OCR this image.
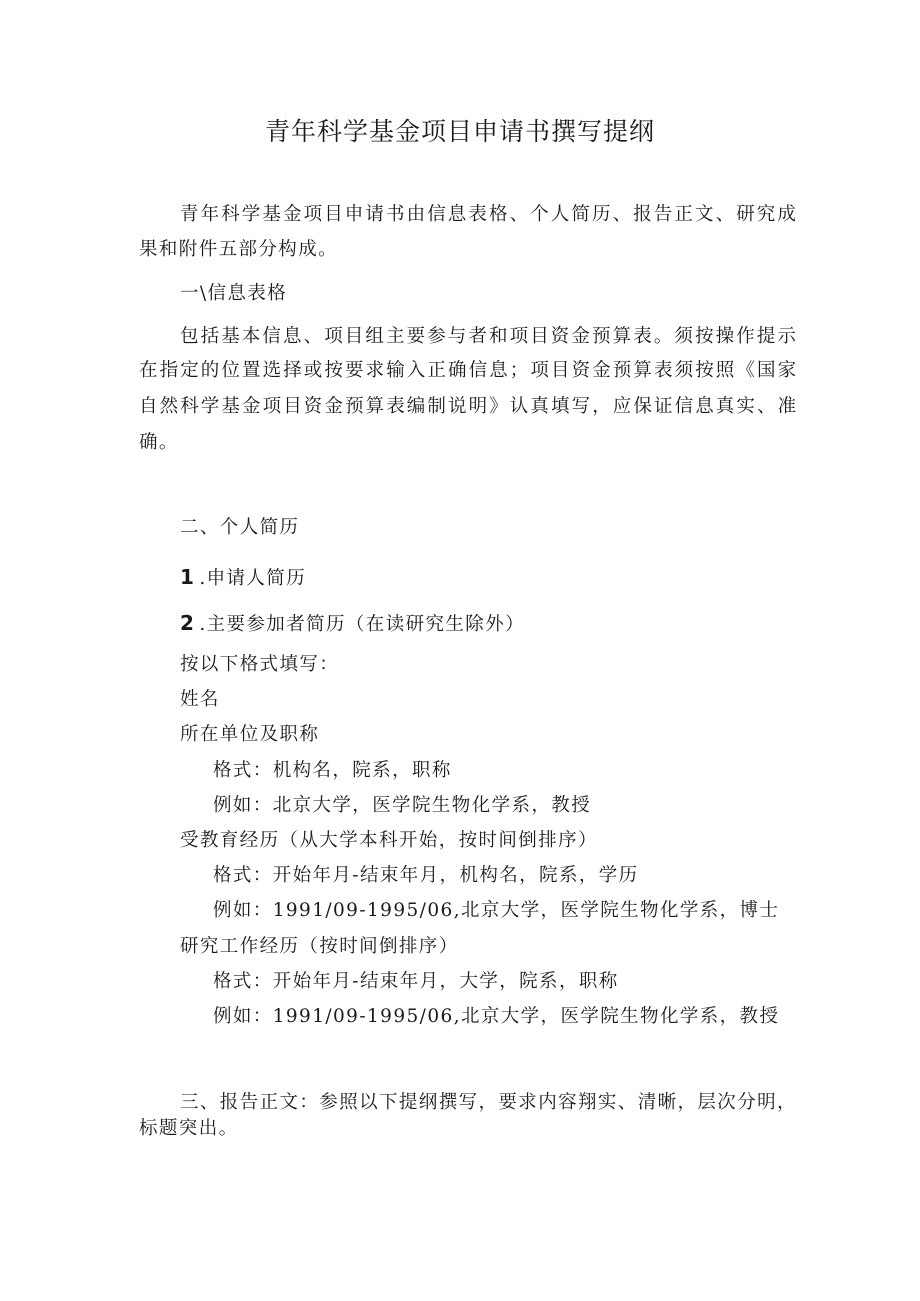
青年科学基金项目申请书撰写提纲
青年科学基金项目申请书由信息表格、个人简历、报告正文、研究成
果和附件五部分构成。
一\信息表格
包括基本信息、项目组主要参与者和项目资金预算表。须按操作提示
在指定的位置选择或按要求输入正确信息；项目资金预算表须按照《国家
自然科学基金项目资金预算表编制说明》认真填写，应保证信息真实、准
确。
二、个人简历
1 .申请人简历
2 .主要参加者简历（在读研究生除外）
按以下格式填写：
姓名
所在单位及职称
格式：机构名，院系，职称
例如：北京大学，医学院生物化学系，教授
受教育经历（从大学本科开始，按时间倒排序）
格式：开始年月-结束年月，机构名，院系，学历
例如：1991/09-1995/06,北京大学，医学院生物化学系，博士
研究工作经历（按时间倒排序）
格式：开始年月-结束年月，大学，院系，职称
例如：1991/09-1995/06,北京大学，医学院生物化学系，教授
三、报告正文：参照以下提纲撰写，要求内容翔实、清晰，层次分明，
标题突出。
